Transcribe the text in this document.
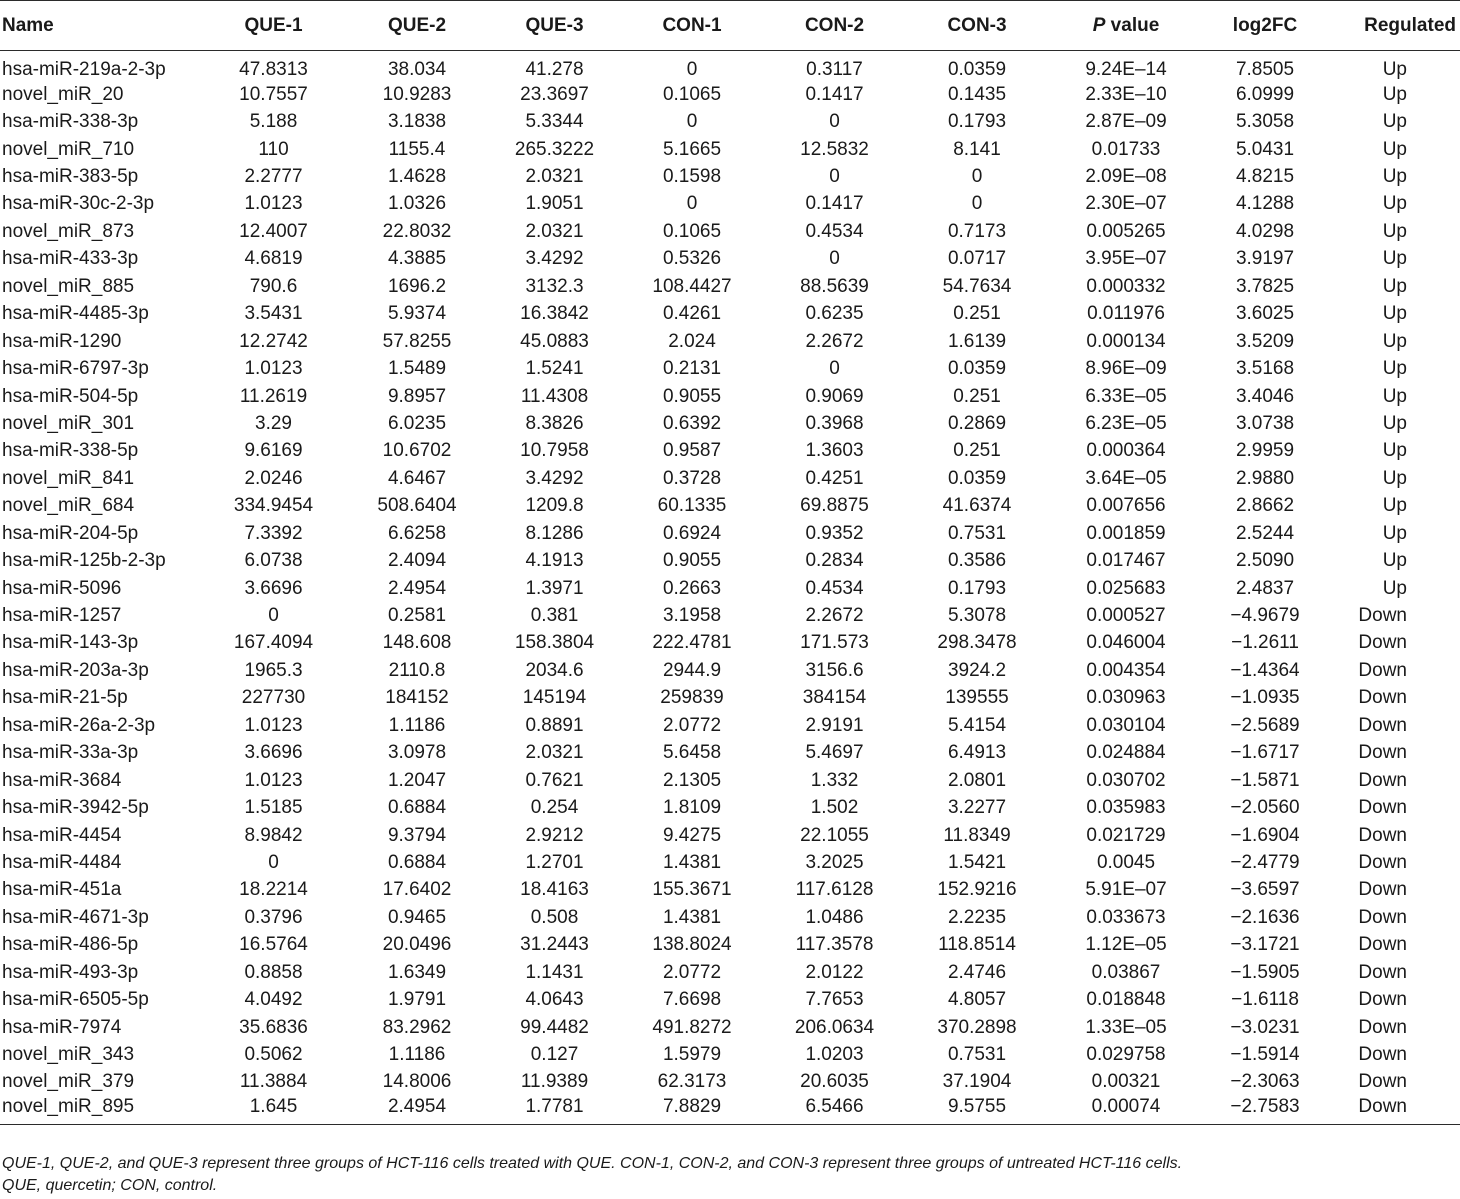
Name	QUE-1	QUE-2	QUE-3	CON-1	CON-2	CON-3	P value	log2FC	Regulated
hsa-miR-219a-2-3p	47.8313	38.034	41.278	0	0.3117	0.0359	9.24E–14	7.8505	Up
novel_miR_20	10.7557	10.9283	23.3697	0.1065	0.1417	0.1435	2.33E–10	6.0999	Up
hsa-miR-338-3p	5.188	3.1838	5.3344	0	0	0.1793	2.87E–09	5.3058	Up
novel_miR_710	110	1155.4	265.3222	5.1665	12.5832	8.141	0.01733	5.0431	Up
hsa-miR-383-5p	2.2777	1.4628	2.0321	0.1598	0	0	2.09E–08	4.8215	Up
hsa-miR-30c-2-3p	1.0123	1.0326	1.9051	0	0.1417	0	2.30E–07	4.1288	Up
novel_miR_873	12.4007	22.8032	2.0321	0.1065	0.4534	0.7173	0.005265	4.0298	Up
hsa-miR-433-3p	4.6819	4.3885	3.4292	0.5326	0	0.0717	3.95E–07	3.9197	Up
novel_miR_885	790.6	1696.2	3132.3	108.4427	88.5639	54.7634	0.000332	3.7825	Up
hsa-miR-4485-3p	3.5431	5.9374	16.3842	0.4261	0.6235	0.251	0.011976	3.6025	Up
hsa-miR-1290	12.2742	57.8255	45.0883	2.024	2.2672	1.6139	0.000134	3.5209	Up
hsa-miR-6797-3p	1.0123	1.5489	1.5241	0.2131	0	0.0359	8.96E–09	3.5168	Up
hsa-miR-504-5p	11.2619	9.8957	11.4308	0.9055	0.9069	0.251	6.33E–05	3.4046	Up
novel_miR_301	3.29	6.0235	8.3826	0.6392	0.3968	0.2869	6.23E–05	3.0738	Up
hsa-miR-338-5p	9.6169	10.6702	10.7958	0.9587	1.3603	0.251	0.000364	2.9959	Up
novel_miR_841	2.0246	4.6467	3.4292	0.3728	0.4251	0.0359	3.64E–05	2.9880	Up
novel_miR_684	334.9454	508.6404	1209.8	60.1335	69.8875	41.6374	0.007656	2.8662	Up
hsa-miR-204-5p	7.3392	6.6258	8.1286	0.6924	0.9352	0.7531	0.001859	2.5244	Up
hsa-miR-125b-2-3p	6.0738	2.4094	4.1913	0.9055	0.2834	0.3586	0.017467	2.5090	Up
hsa-miR-5096	3.6696	2.4954	1.3971	0.2663	0.4534	0.1793	0.025683	2.4837	Up
hsa-miR-1257	0	0.2581	0.381	3.1958	2.2672	5.3078	0.000527	−4.9679	Down
hsa-miR-143-3p	167.4094	148.608	158.3804	222.4781	171.573	298.3478	0.046004	−1.2611	Down
hsa-miR-203a-3p	1965.3	2110.8	2034.6	2944.9	3156.6	3924.2	0.004354	−1.4364	Down
hsa-miR-21-5p	227730	184152	145194	259839	384154	139555	0.030963	−1.0935	Down
hsa-miR-26a-2-3p	1.0123	1.1186	0.8891	2.0772	2.9191	5.4154	0.030104	−2.5689	Down
hsa-miR-33a-3p	3.6696	3.0978	2.0321	5.6458	5.4697	6.4913	0.024884	−1.6717	Down
hsa-miR-3684	1.0123	1.2047	0.7621	2.1305	1.332	2.0801	0.030702	−1.5871	Down
hsa-miR-3942-5p	1.5185	0.6884	0.254	1.8109	1.502	3.2277	0.035983	−2.0560	Down
hsa-miR-4454	8.9842	9.3794	2.9212	9.4275	22.1055	11.8349	0.021729	−1.6904	Down
hsa-miR-4484	0	0.6884	1.2701	1.4381	3.2025	1.5421	0.0045	−2.4779	Down
hsa-miR-451a	18.2214	17.6402	18.4163	155.3671	117.6128	152.9216	5.91E–07	−3.6597	Down
hsa-miR-4671-3p	0.3796	0.9465	0.508	1.4381	1.0486	2.2235	0.033673	−2.1636	Down
hsa-miR-486-5p	16.5764	20.0496	31.2443	138.8024	117.3578	118.8514	1.12E–05	−3.1721	Down
hsa-miR-493-3p	0.8858	1.6349	1.1431	2.0772	2.0122	2.4746	0.03867	−1.5905	Down
hsa-miR-6505-5p	4.0492	1.9791	4.0643	7.6698	7.7653	4.8057	0.018848	−1.6118	Down
hsa-miR-7974	35.6836	83.2962	99.4482	491.8272	206.0634	370.2898	1.33E–05	−3.0231	Down
novel_miR_343	0.5062	1.1186	0.127	1.5979	1.0203	0.7531	0.029758	−1.5914	Down
novel_miR_379	11.3884	14.8006	11.9389	62.3173	20.6035	37.1904	0.00321	−2.3063	Down
novel_miR_895	1.645	2.4954	1.7781	7.8829	6.5466	9.5755	0.00074	−2.7583	Down
QUE-1, QUE-2, and QUE-3 represent three groups of HCT-116 cells treated with QUE. CON-1, CON-2, and CON-3 represent three groups of untreated HCT-116 cells.
QUE, quercetin; CON, control.
